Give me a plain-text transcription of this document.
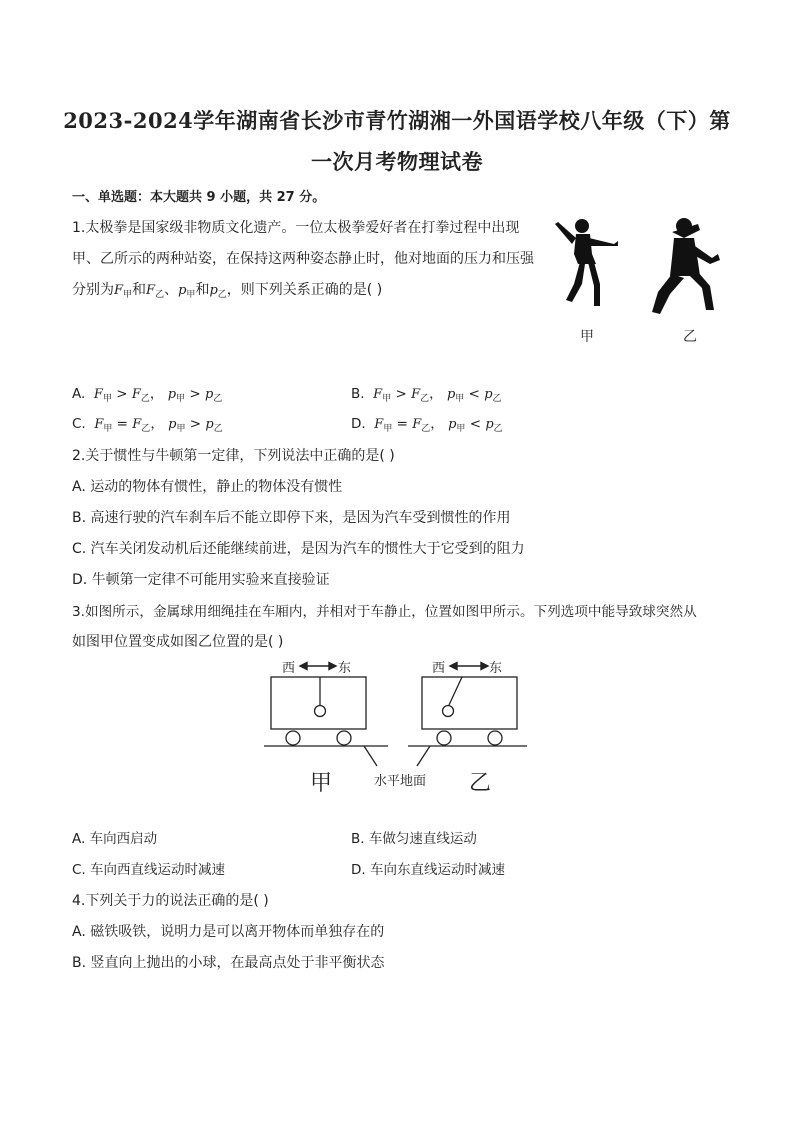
2023-2024学年湖南省长沙市青竹湖湘一外国语学校八年级（下）第
一次月考物理试卷
一、单选题：本大题共 9 小题，共 27 分。
1.太极拳是国家级非物质文化遗产。一位太极拳爱好者在打拳过程中出现
甲、乙所示的两种站姿，在保持这两种姿态静止时，他对地面的压力和压强
分别为$F_甲$和$F_乙$、$p_甲$和$p_乙$，则下列关系正确的是( )
甲	乙
A. $F_甲 > F_乙$， $p_甲 > p_乙$	B. $F_甲 > F_乙$， $p_甲 < p_乙$
C. $F_甲 = F_乙$， $p_甲 > p_乙$	D. $F_甲 = F_乙$， $p_甲 < p_乙$
2.关于惯性与牛顿第一定律，下列说法中正确的是( )
A. 运动的物体有惯性，静止的物体没有惯性
B. 高速行驶的汽车刹车后不能立即停下来，是因为汽车受到惯性的作用
C. 汽车关闭发动机后还能继续前进，是因为汽车的惯性大于它受到的阻力
D. 牛顿第一定律不可能用实验来直接验证
3.如图所示，金属球用细绳挂在车厢内，并相对于车静止，位置如图甲所示。下列选项中能导致球突然从
如图甲位置变成如图乙位置的是( )
西	东	西	东
甲	水平地面 乙
A. 车向西启动	B. 车做匀速直线运动
C. 车向西直线运动时减速	D. 车向东直线运动时减速
4.下列关于力的说法正确的是( )
A. 磁铁吸铁，说明力是可以离开物体而单独存在的
B. 竖直向上抛出的小球，在最高点处于非平衡状态
